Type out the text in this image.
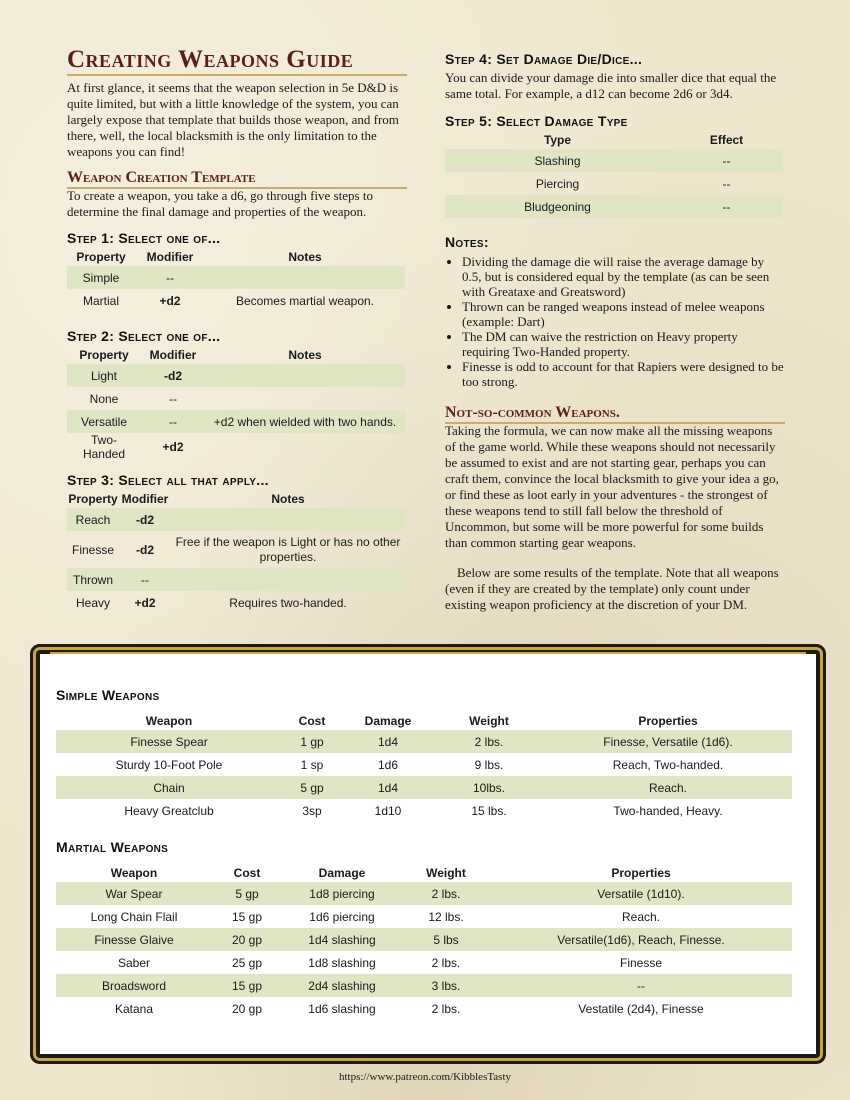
Creating Weapons Guide

At first glance, it seems that the weapon selection in 5e D&D is quite limited, but with a little knowledge of the system, you can largely expose that template that builds those weapon, and from there, well, the local blacksmith is the only limitation to the weapons you can find!

Weapon Creation Template

To create a weapon, you take a d6, go through five steps to determine the final damage and properties of the weapon.

Step 1: Select one of...
Property	Modifier	Notes
Simple	--	
Martial	+d2	Becomes martial weapon.
Step 2: Select one of...
Property	Modifier	Notes
Light	-d2	
None	--	
Versatile	--	+d2 when wielded with two hands.
Two-Handed	+d2	
Step 3: Select all that apply...
Property	Modifier	Notes
Reach	-d2	
Finesse	-d2	Free if the weapon is Light or has no other properties.
Thrown	--	
Heavy	+d2	Requires two-handed.
Step 4: Set Damage Die/Dice...

You can divide your damage die into smaller dice that equal the same total. For example, a d12 can become 2d6 or 3d4.

Step 5: Select Damage Type
Type	Effect
Slashing	--
Piercing	--
Bludgeoning	--
Notes:
• Dividing the damage die will raise the average damage by 0.5, but is considered equal by the template (as can be seen with Greataxe and Greatsword)
• Thrown can be ranged weapons instead of melee weapons (example: Dart)
• The DM can waive the restriction on Heavy property requiring Two-Handed property.
• Finesse is odd to account for that Rapiers were designed to be too strong.
Not-so-common Weapons.

Taking the formula, we can now make all the missing weapons of the game world. While these weapons should not necessarily be assumed to exist and are not starting gear, perhaps you can craft them, convince the local blacksmith to give your idea a go, or find these as loot early in your adventures - the strongest of these weapons tend to still fall below the threshold of Uncommon, but some will be more powerful for some builds than common starting gear weapons.

Below are some results of the template. Note that all weapons (even if they are created by the template) only count under existing weapon proficiency at the discretion of your DM.

Simple Weapons
Weapon	Cost	Damage	Weight	Properties
Finesse Spear	1 gp	1d4	2 lbs.	Finesse, Versatile (1d6).
Sturdy 10-Foot Pole	1 sp	1d6	9 lbs.	Reach, Two-handed.
Chain	5 gp	1d4	10lbs.	Reach.
Heavy Greatclub	3sp	1d10	15 lbs.	Two-handed, Heavy.
Martial Weapons
Weapon	Cost	Damage	Weight	Properties
War Spear	5 gp	1d8 piercing	2 lbs.	Versatile (1d10).
Long Chain Flail	15 gp	1d6 piercing	12 lbs.	Reach.
Finesse Glaive	20 gp	1d4 slashing	5 lbs	Versatile(1d6), Reach, Finesse.
Saber	25 gp	1d8 slashing	2 lbs.	Finesse
Broadsword	15 gp	2d4 slashing	3 lbs.	--
Katana	20 gp	1d6 slashing	2 lbs.	Vestatile (2d4), Finesse
https://www.patreon.com/KibblesTasty
